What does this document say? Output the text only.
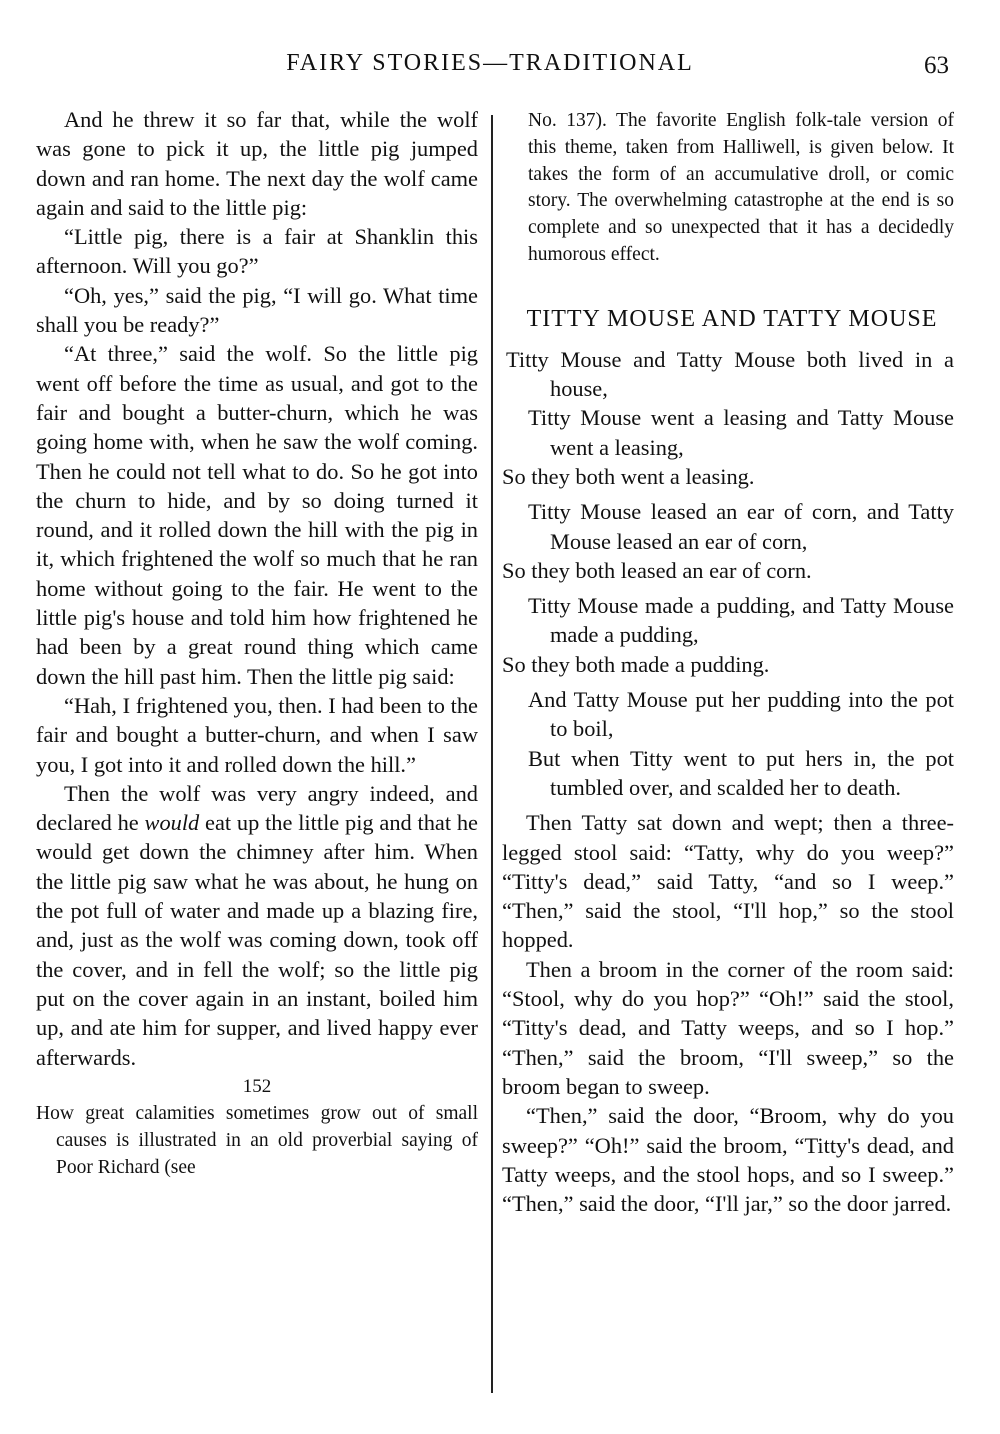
FAIRY STORIES—TRADITIONAL	63

And he threw it so far that, while the wolf was gone to pick it up, the little pig jumped down and ran home. The next day the wolf came again and said to the little pig:

“Little pig, there is a fair at Shanklin this afternoon. Will you go?”

“Oh, yes,” said the pig, “I will go. What time shall you be ready?”

“At three,” said the wolf. So the little pig went off before the time as usual, and got to the fair and bought a butter-churn, which he was going home with, when he saw the wolf coming. Then he could not tell what to do. So he got into the churn to hide, and by so doing turned it round, and it rolled down the hill with the pig in it, which frightened the wolf so much that he ran home without going to the fair. He went to the little pig's house and told him how frightened he had been by a great round thing which came down the hill past him. Then the little pig said:

“Hah, I frightened you, then. I had been to the fair and bought a butter-churn, and when I saw you, I got into it and rolled down the hill.”

Then the wolf was very angry indeed, and declared he would eat up the little pig and that he would get down the chimney after him. When the little pig saw what he was about, he hung on the pot full of water and made up a blazing fire, and, just as the wolf was coming down, took off the cover, and in fell the wolf; so the little pig put on the cover again in an instant, boiled him up, and ate him for supper, and lived happy ever afterwards.

152

How great calamities sometimes grow out of small causes is illustrated in an old proverbial saying of Poor Richard (see

No. 137). The favorite English folk-tale version of this theme, taken from Halliwell, is given below. It takes the form of an accumulative droll, or comic story. The overwhelming catastrophe at the end is so complete and so unexpected that it has a decidedly humorous effect.

TITTY MOUSE AND TATTY MOUSE

Titty Mouse and Tatty Mouse both lived in a house,

Titty Mouse went a leasing and Tatty Mouse went a leasing,

So they both went a leasing.

Titty Mouse leased an ear of corn, and Tatty Mouse leased an ear of corn,

So they both leased an ear of corn.

Titty Mouse made a pudding, and Tatty Mouse made a pudding,

So they both made a pudding.

And Tatty Mouse put her pudding into the pot to boil,

But when Titty went to put hers in, the pot tumbled over, and scalded her to death.

Then Tatty sat down and wept; then a three-legged stool said: “Tatty, why do you weep?” “Titty's dead,” said Tatty, “and so I weep.” “Then,” said the stool, “I'll hop,” so the stool hopped.

Then a broom in the corner of the room said: “Stool, why do you hop?” “Oh!” said the stool, “Titty's dead, and Tatty weeps, and so I hop.” “Then,” said the broom, “I'll sweep,” so the broom began to sweep.

“Then,” said the door, “Broom, why do you sweep?” “Oh!” said the broom, “Titty's dead, and Tatty weeps, and the stool hops, and so I sweep.” “Then,” said the door, “I'll jar,” so the door jarred.
